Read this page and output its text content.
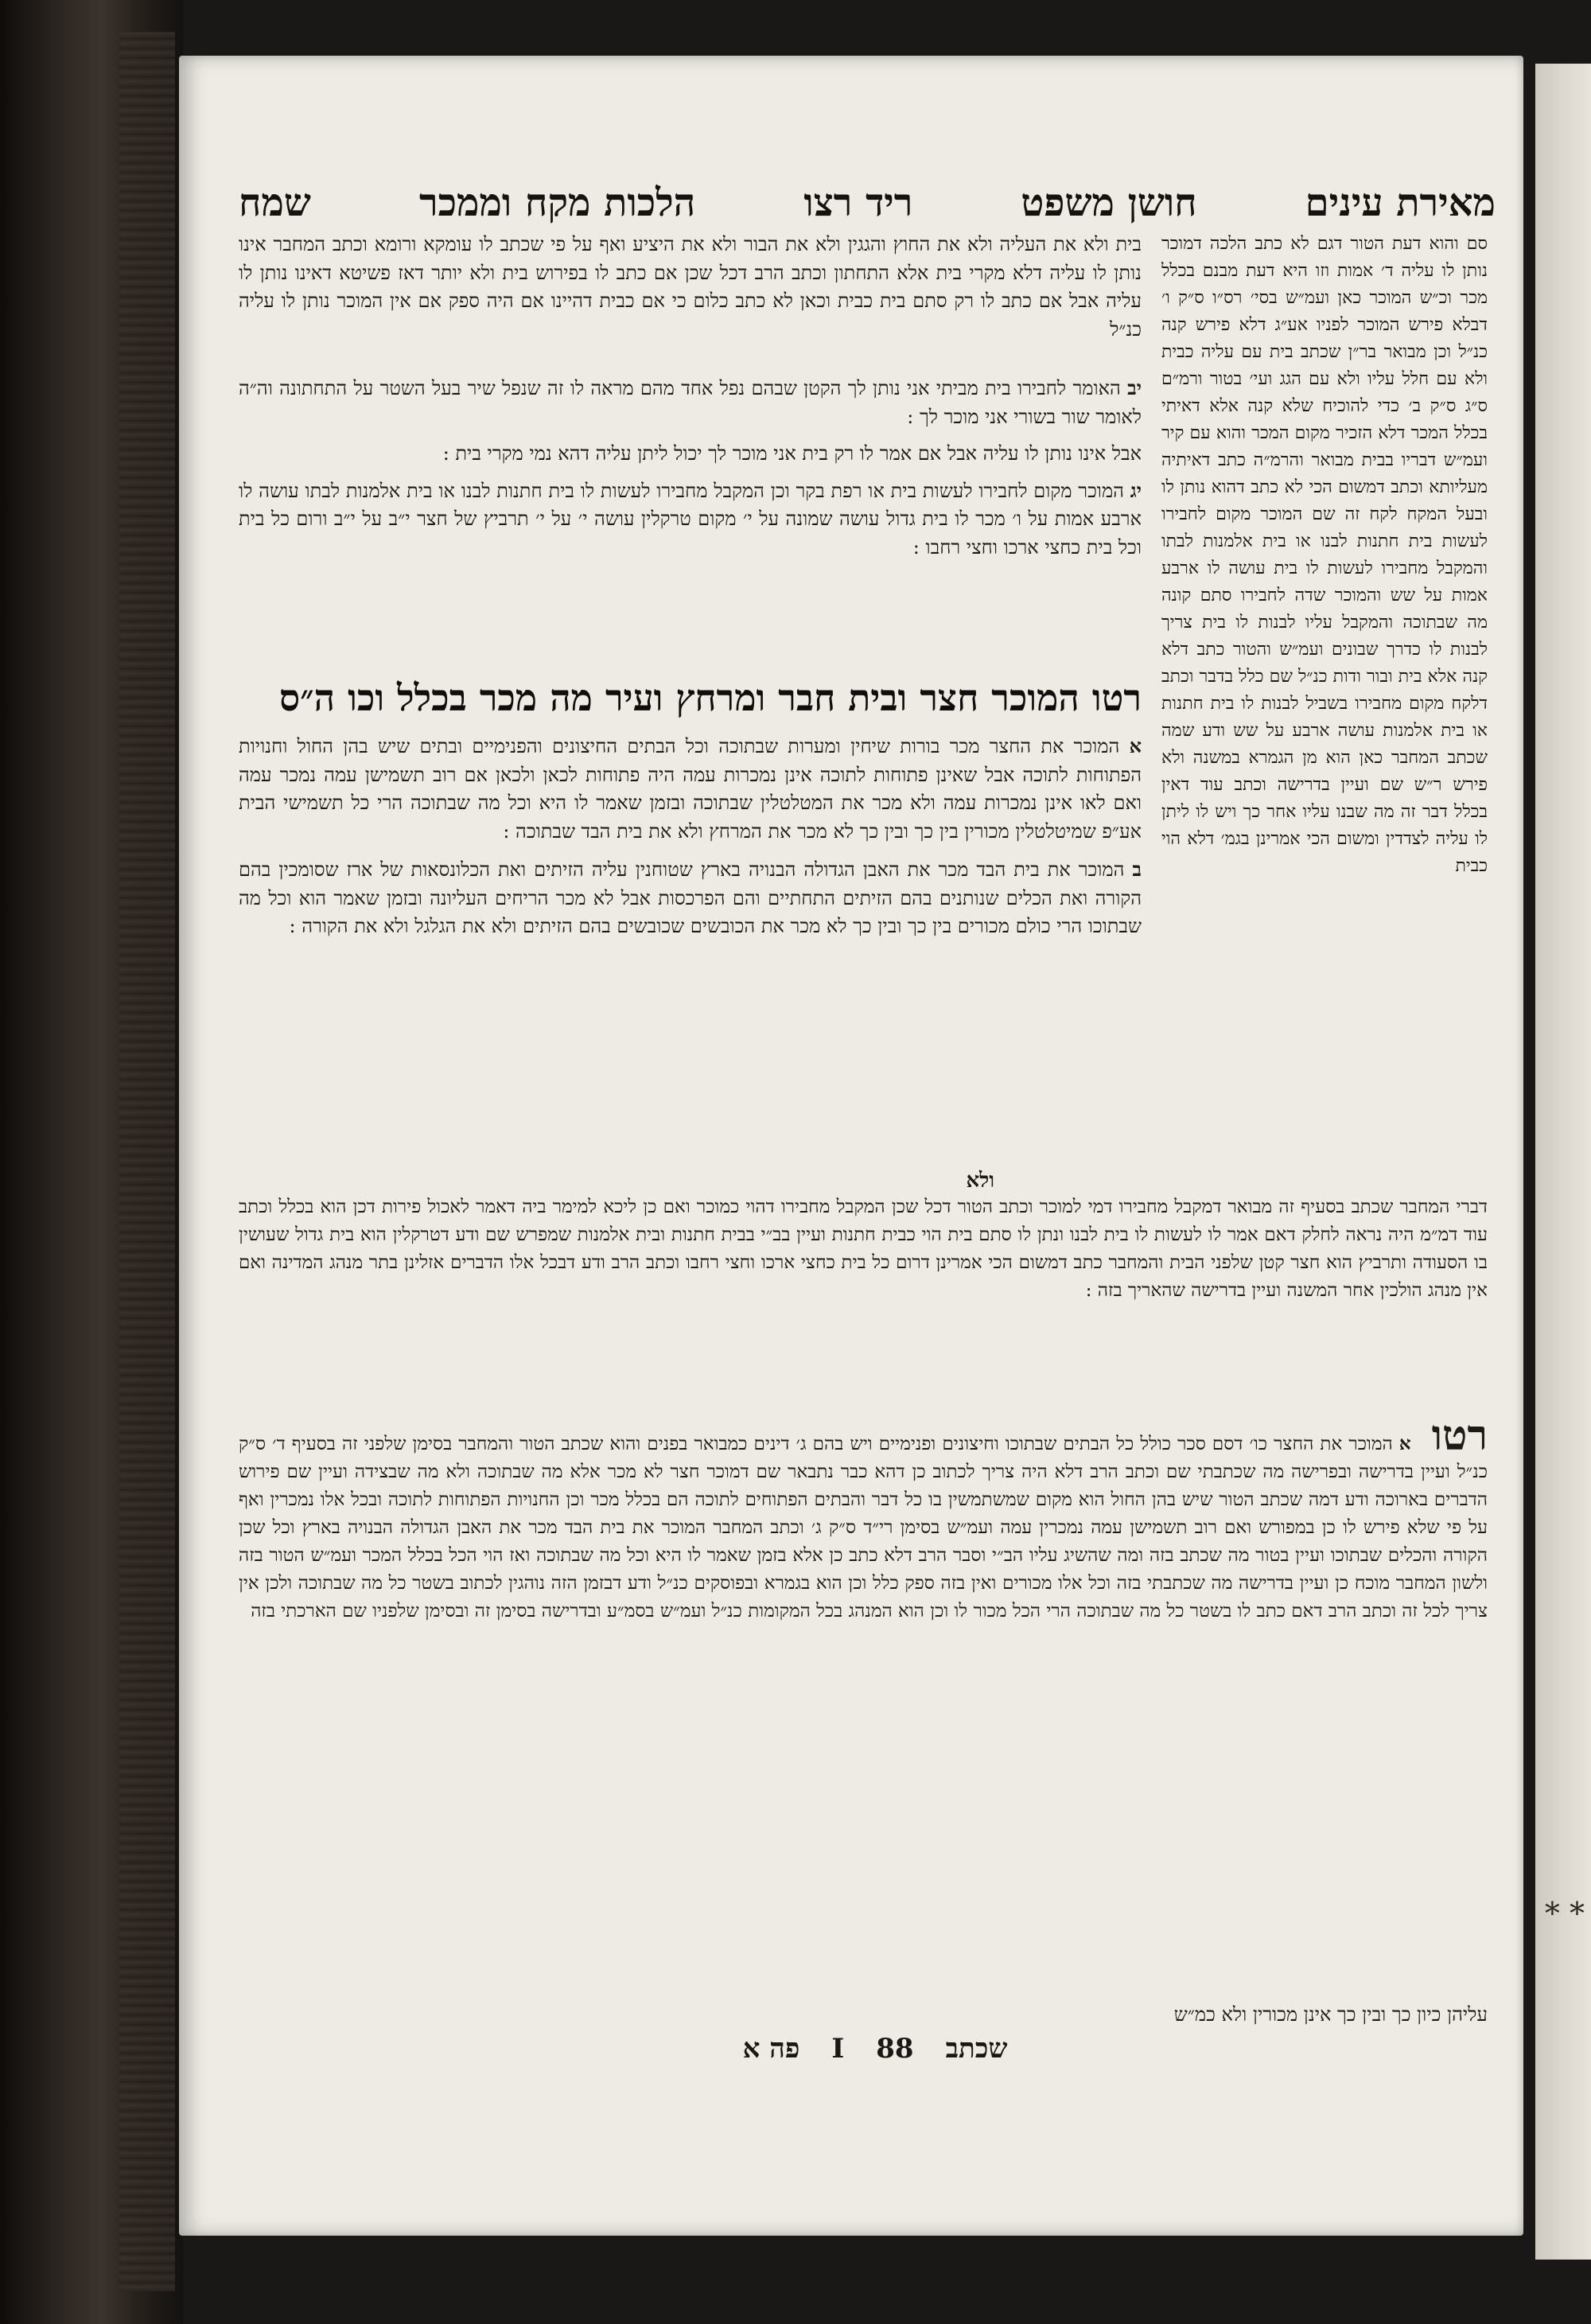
* *
מאירת עינים
חושן משפט
ריד רצו
הלכות מקח וממכר
שמח
סם והוא דעת הטור דגם לא כתב הלכה דמוכר נותן לו עליה ד׳ אמות וזו היא דעת מבנם בכלל מכר וכ״ש המוכר כאן ועמ״ש בסי׳ רס״ו ס״ק ו׳ דבלא פירש המוכר לפניו אע״ג דלא פירש קנה כנ״ל וכן מבואר בר״ן שכתב בית עם עליה כבית ולא עם חלל עליו ולא עם הגג ועי׳ בטור ורמ״ם ס״ג ס״ק ב׳ כדי להוכיח שלא קנה אלא דאיתי בכלל המכר דלא הזכיר מקום המכר והוא עם קיר ועמ״ש דבריו בבית מבואר והרמ״ה כתב דאיתיה מעליותא וכתב דמשום הכי לא כתב דהוא נותן לו ובעל המקח לקח זה שם המוכר מקום לחבירו לעשות בית חתנות לבנו או בית אלמנות לבתו והמקבל מחבירו לעשות לו בית עושה לו ארבע אמות על שש והמוכר שדה לחבירו סתם קונה מה שבתוכה והמקבל עליו לבנות לו בית צריך לבנות לו כדרך שבונים ועמ״ש והטור כתב דלא קנה אלא בית ובור ודות כנ״ל שם כלל בדבר וכתב דלקח מקום מחבירו בשביל לבנות לו בית חתנות או בית אלמנות עושה ארבע על שש ודע שמה שכתב המחבר כאן הוא מן הגמרא במשנה ולא פירש ר״ש שם ועיין בדרישה וכתב עוד דאין בכלל דבר זה מה שבנו עליו אחר כך ויש לו ליתן לו עליה לצדדין ומשום הכי אמרינן בגמ׳ דלא הוי כבית
בית ולא את העליה ולא את החוץ והגגין ולא את הבור ולא את היציע ואף על פי שכתב לו עומקא ורומא וכתב המחבר אינו נותן לו עליה דלא מקרי בית אלא התחתון וכתב הרב דכל שכן אם כתב לו בפירוש בית ולא יותר דאז פשיטא דאינו נותן לו עליה אבל אם כתב לו רק סתם בית כבית וכאן לא כתב כלום כי אם כבית דהיינו אם היה ספק אם אין המוכר נותן לו עליה כנ״ל

יב האומר לחבירו בית מביתי אני נותן לך הקטן שבהם נפל אחד מהם מראה לו זה שנפל שיר בעל השטר על התחתונה וה״ה לאומר שור בשורי אני מוכר לך :

אבל אינו נותן לו עליה אבל אם אמר לו רק בית אני מוכר לך יכול ליתן עליה דהא נמי מקרי בית :

יג המוכר מקום לחבירו לעשות בית או רפת בקר וכן המקבל מחבירו לעשות לו בית חתנות לבנו או בית אלמנות לבתו עושה לו ארבע אמות על ו׳ מכר לו בית גדול עושה שמונה על י׳ מקום טרקלין עושה י׳ על י׳ תרביץ של חצר י״ב על י״ב ורום כל בית וכל בית כחצי ארכו וחצי רחבו :

רטו המוכר חצר ובית חבר ומרחץ ועיר מה מכר בכלל וכו ה״ס

א המוכר את החצר מכר בורות שיחין ומערות שבתוכה וכל הבתים החיצונים והפנימיים ובתים שיש בהן החול וחנויות הפתוחות לתוכה אבל שאינן פתוחות לתוכה אינן נמכרות עמה היה פתוחות לכאן ולכאן אם רוב תשמישן עמה נמכר עמה ואם לאו אינן נמכרות עמה ולא מכר את המטלטלין שבתוכה ובזמן שאמר לו היא וכל מה שבתוכה הרי כל תשמישי הבית אע״פ שמיטלטלין מכורין בין כך ובין כך לא מכר את המרחץ ולא את בית הבד שבתוכה :

ב המוכר את בית הבד מכר את האבן הגדולה הבנויה בארץ שטוחנין עליה הזיתים ואת הכלונסאות של ארז שסומכין בהם הקורה ואת הכלים שנותנים בהם הזיתים התחתיים והם הפרכסות אבל לא מכר הריחים העליונה ובזמן שאמר הוא וכל מה שבתוכו הרי כולם מכורים בין כך ובין כך לא מכר את הכובשים שכובשים בהם הזיתים ולא את הגלגל ולא את הקורה :

ולא
דברי המחבר שכתב בסעיף זה מבואר דמקבל מחבירו דמי למוכר וכתב הטור דכל שכן המקבל מחבירו דהוי כמוכר ואם כן ליכא למימר ביה דאמר לאכול פירות דכן הוא בכלל וכתב עוד דמ״מ היה נראה לחלק דאם אמר לו לעשות לו בית לבנו ונתן לו סתם בית הוי כבית חתנות ועיין בב״י בבית חתנות ובית אלמנות שמפרש שם ודע דטרקלין הוא בית גדול שעושין בו הסעודה ותרביץ הוא חצר קטן שלפני הבית והמחבר כתב דמשום הכי אמרינן דרום כל בית כחצי ארכו וחצי רחבו וכתב הרב ודע דבכל אלו הדברים אזלינן בתר מנהג המדינה ואם אין מנהג הולכין אחר המשנה ועיין בדרישה שהאריך בזה :
רטו א המוכר את החצר כו׳ דסם סכר כולל כל הבתים שבתוכו וחיצונים ופנימיים ויש בהם ג׳ דינים כמבואר בפנים והוא שכתב הטור והמחבר בסימן שלפני זה בסעיף ד׳ ס״ק כנ״ל ועיין בדרישה ובפרישה מה שכתבתי שם וכתב הרב דלא היה צריך לכתוב כן דהא כבר נתבאר שם דמוכר חצר לא מכר אלא מה שבתוכה ולא מה שבצידה ועיין שם פירוש הדברים בארוכה ודע דמה שכתב הטור שיש בהן החול הוא מקום שמשתמשין בו כל דבר והבתים הפתוחים לתוכה הם בכלל מכר וכן החנויות הפתוחות לתוכה ובכל אלו נמכרין ואף על פי שלא פירש לו כן במפורש ואם רוב תשמישן עמה נמכרין עמה ועמ״ש בסימן רי״ד ס״ק ג׳ וכתב המחבר המוכר את בית הבד מכר את האבן הגדולה הבנויה בארץ וכל שכן הקורה והכלים שבתוכו ועיין בטור מה שכתב בזה ומה שהשיג עליו הב״י וסבר הרב דלא כתב כן אלא בזמן שאמר לו היא וכל מה שבתוכה ואז הוי הכל בכלל המכר ועמ״ש הטור בזה ולשון המחבר מוכח כן ועיין בדרישה מה שכתבתי בזה וכל אלו מכורים ואין בזה ספק כלל וכן הוא בגמרא ובפוסקים כנ״ל ודע דבזמן הזה נוהגין לכתוב בשטר כל מה שבתוכה ולכן אין צריך לכל זה וכתב הרב דאם כתב לו בשטר כל מה שבתוכה הרי הכל מכור לו וכן הוא המנהג בכל המקומות כנ״ל ועמ״ש בסמ״ע ובדרישה בסימן זה ובסימן שלפניו שם הארכתי בזה
עליהן כיון כך ובין כך אינן מכורין ולא כמ״ש
שכתב
88
I
פה א
